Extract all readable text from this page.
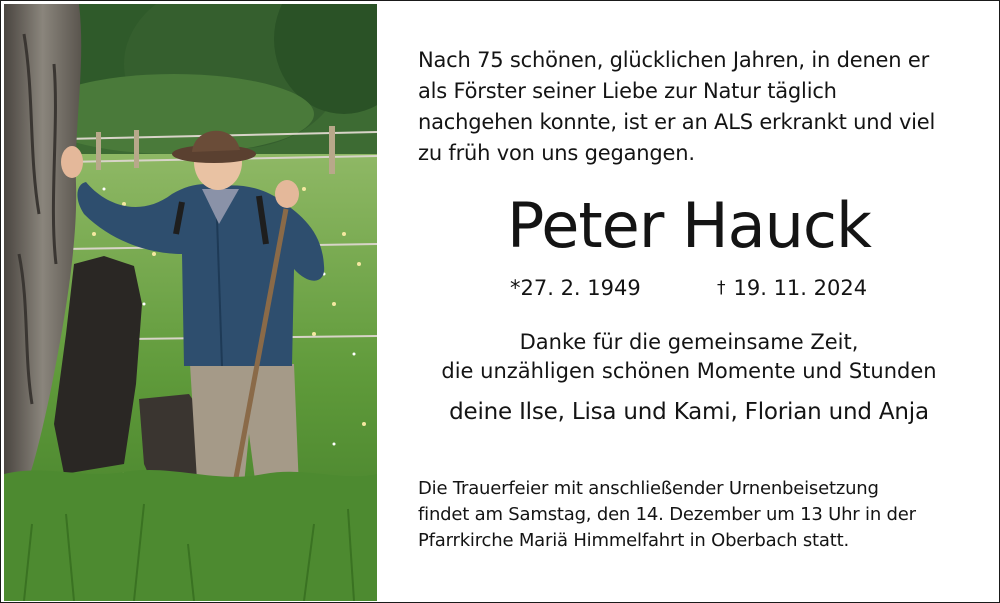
Nach 75 schönen, glücklichen Jahren, in denen er
als Förster seiner Liebe zur Natur täglich
nachgehen konnte, ist er an ALS erkrankt und viel
zu früh von uns gegangen.

Peter Hauck
*27. 2. 1949	† 19. 11. 2024

Danke für die gemeinsame Zeit,
die unzähligen schönen Momente und Stunden

deine Ilse, Lisa und Kami, Florian und Anja

Die Trauerfeier mit anschließender Urnenbeisetzung
findet am Samstag, den 14. Dezember um 13 Uhr in der
Pfarrkirche Mariä Himmelfahrt in Oberbach statt.
